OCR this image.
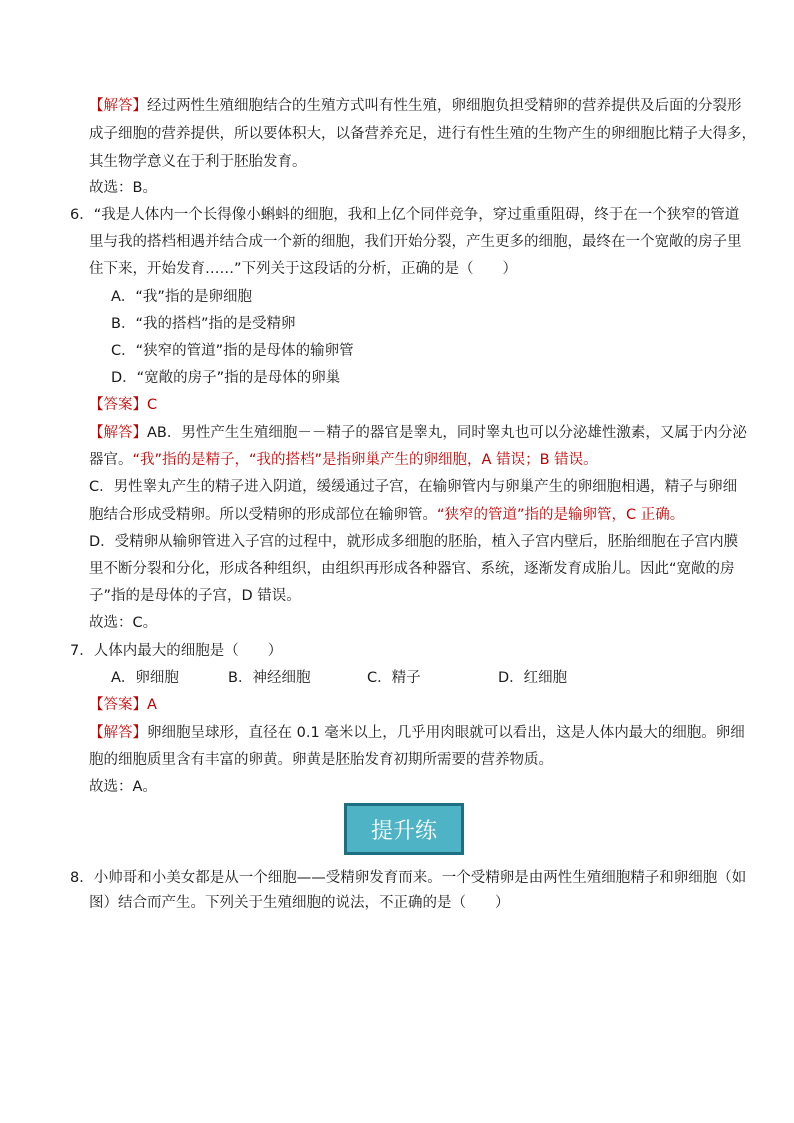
【解答】经过两性生殖细胞结合的生殖方式叫有性生殖，卵细胞负担受精卵的营养提供及后面的分裂形
成子细胞的营养提供，所以要体积大，以备营养充足，进行有性生殖的生物产生的卵细胞比精子大得多，
其生物学意义在于利于胚胎发育。
故选：B。
6．“我是人体内一个长得像小蝌蚪的细胞，我和上亿个同伴竞争，穿过重重阻碍，终于在一个狭窄的管道
里与我的搭档相遇并结合成一个新的细胞，我们开始分裂，产生更多的细胞，最终在一个宽敞的房子里
住下来，开始发育……”下列关于这段话的分析，正确的是（　　）
A．“我”指的是卵细胞
B．“我的搭档”指的是受精卵
C．“狭窄的管道”指的是母体的输卵管
D．“宽敞的房子”指的是母体的卵巢
【答案】C
【解答】AB．男性产生生殖细胞－－精子的器官是睾丸，同时睾丸也可以分泌雄性激素，又属于内分泌
器官。“我”指的是精子，“我的搭档”是指卵巢产生的卵细胞，A 错误；B 错误。
C．男性睾丸产生的精子进入阴道，缓缓通过子宫，在输卵管内与卵巢产生的卵细胞相遇，精子与卵细
胞结合形成受精卵。所以受精卵的形成部位在输卵管。“狭窄的管道”指的是输卵管，C 正确。
D．受精卵从输卵管进入子宫的过程中，就形成多细胞的胚胎，植入子宫内壁后，胚胎细胞在子宫内膜
里不断分裂和分化，形成各种组织，由组织再形成各种器官、系统，逐渐发育成胎儿。因此“宽敞的房
子”指的是母体的子宫，D 错误。
故选：C。
7．人体内最大的细胞是（　　）
A．卵细胞	B．神经细胞	C．精子	D．红细胞
【答案】A
【解答】卵细胞呈球形，直径在 0.1 毫米以上，几乎用肉眼就可以看出，这是人体内最大的细胞。卵细
胞的细胞质里含有丰富的卵黄。卵黄是胚胎发育初期所需要的营养物质。
故选：A。
提升练
8．小帅哥和小美女都是从一个细胞——受精卵发育而来。一个受精卵是由两性生殖细胞精子和卵细胞（如
图）结合而产生。下列关于生殖细胞的说法，不正确的是（　　）
